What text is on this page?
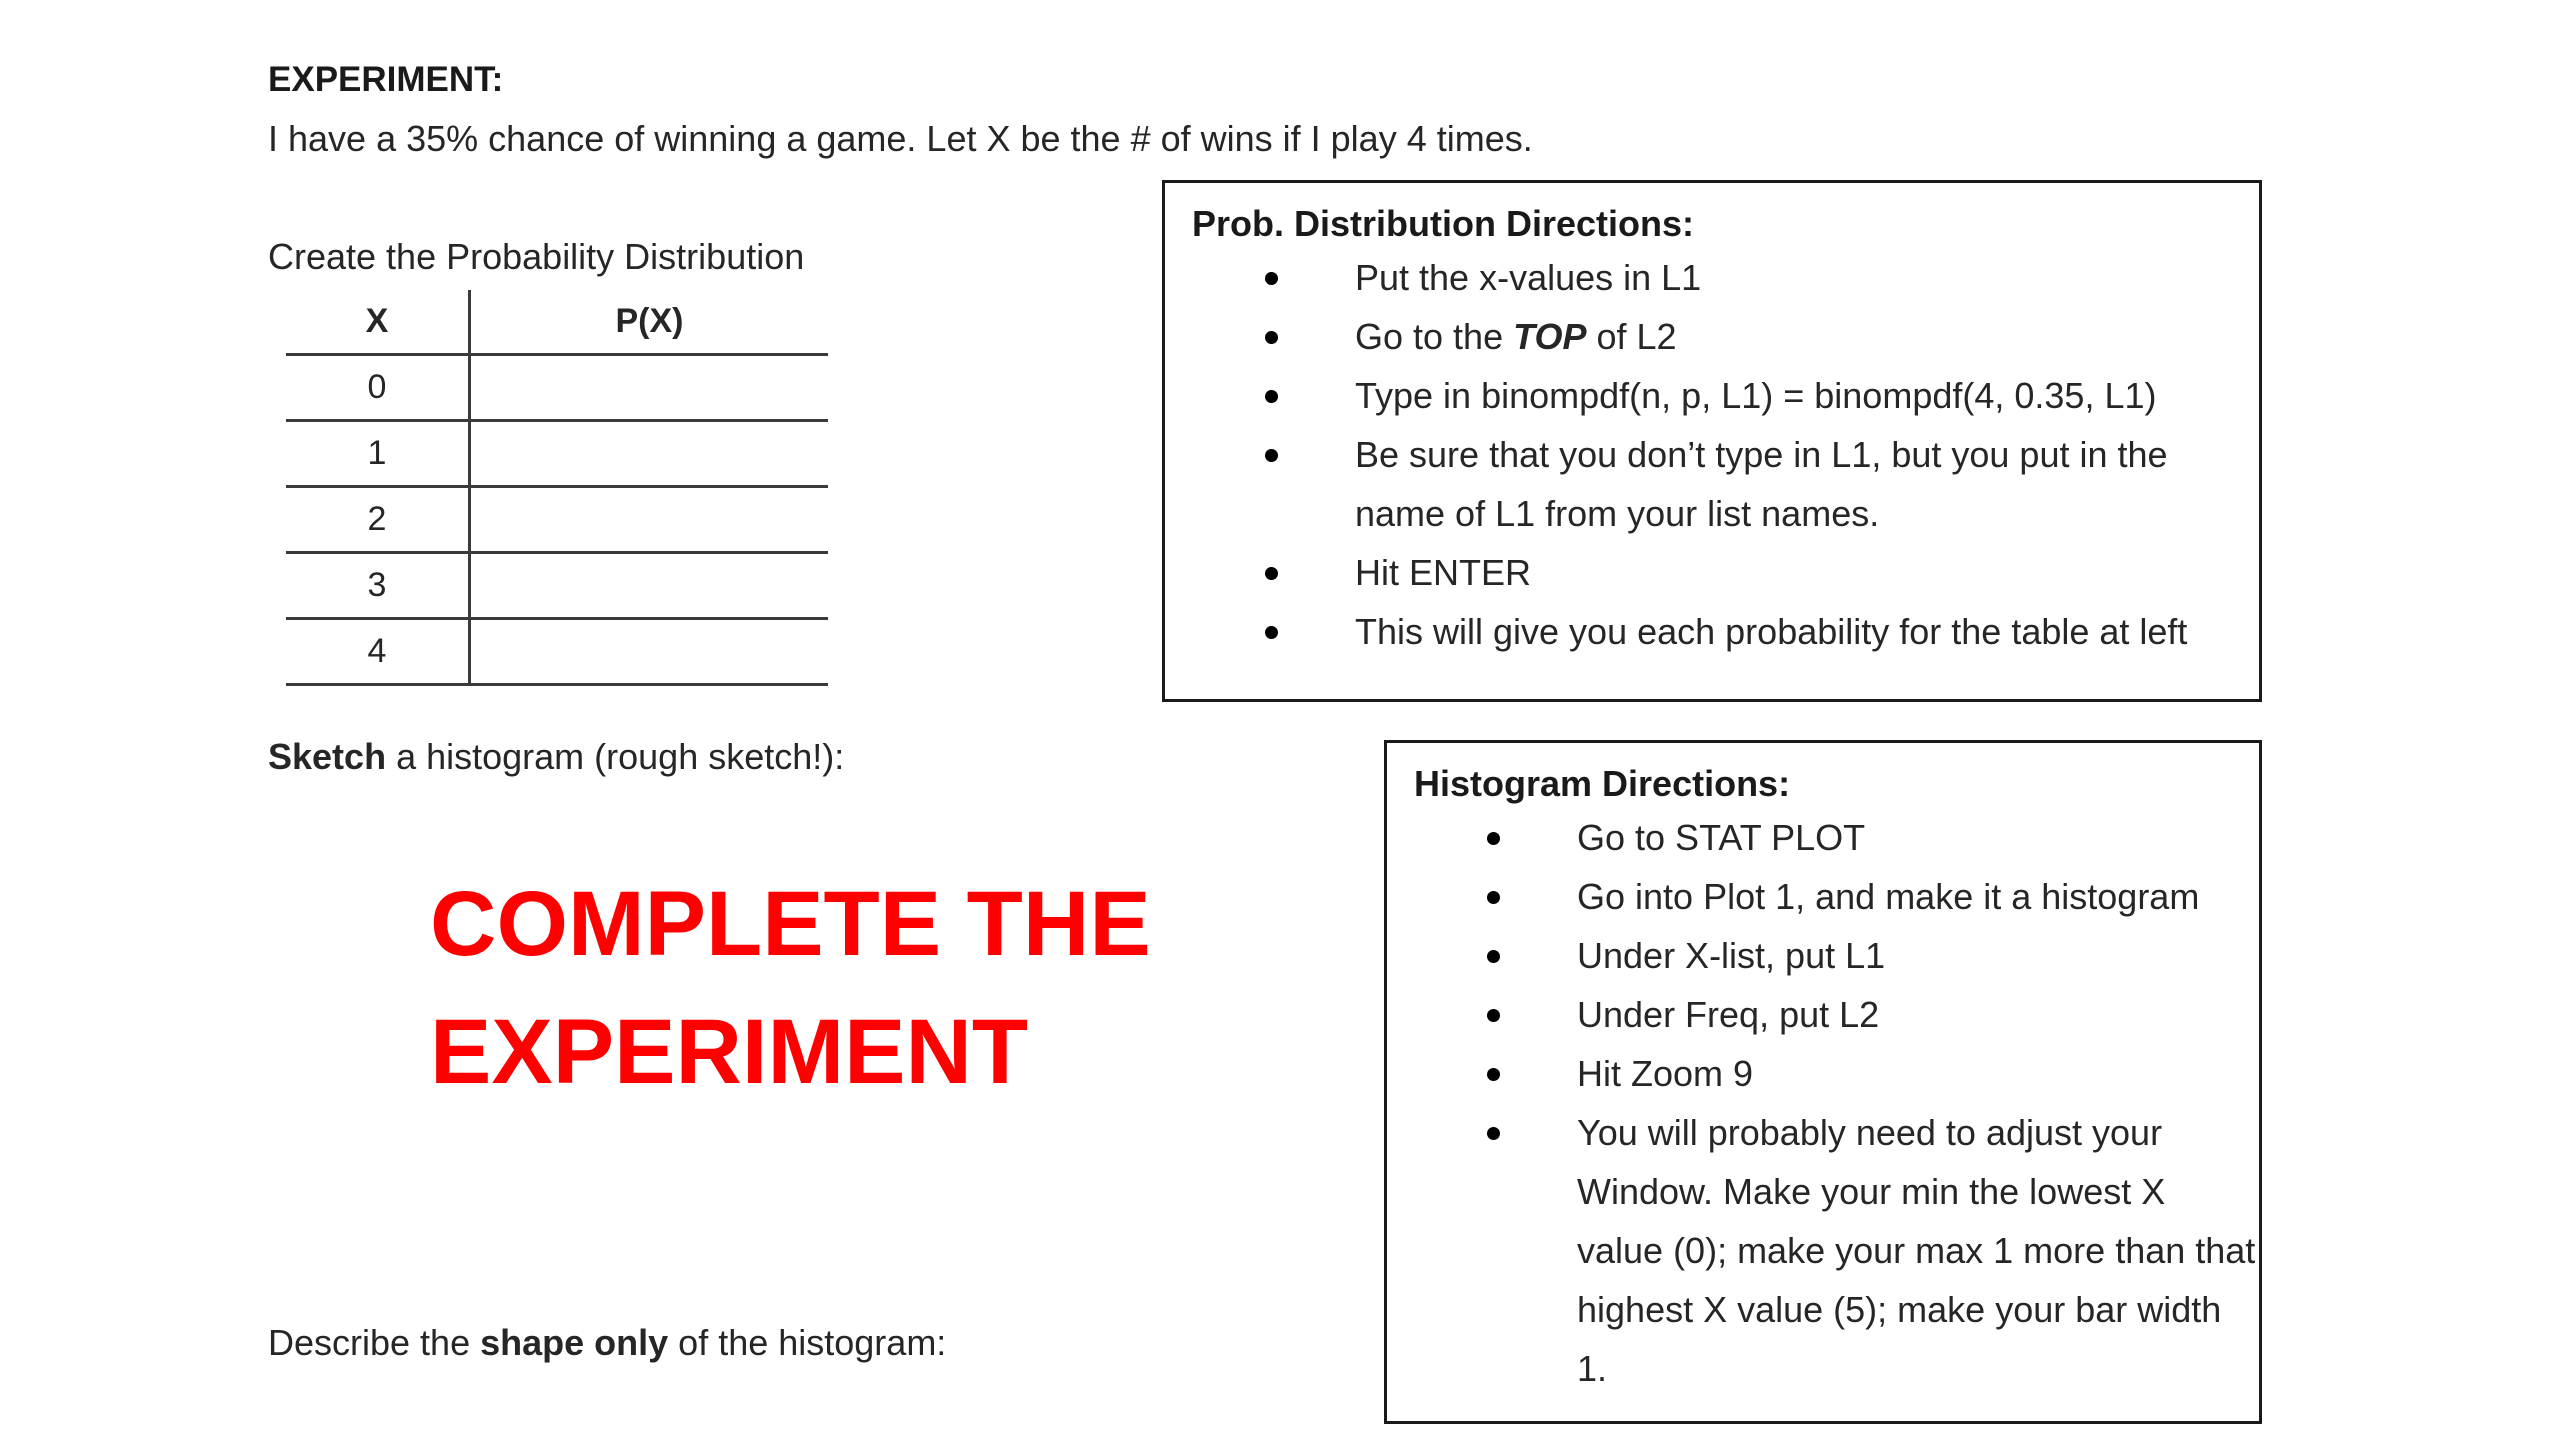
EXPERIMENT:
I have a 35% chance of winning a game. Let X be the # of wins if I play 4 times.
Create the Probability Distribution
X	P(X)
0
1
2
3
4
Sketch a histogram (rough sketch!):
COMPLETE THE
EXPERIMENT
Describe the shape only of the histogram:
Prob. Distribution Directions:
Put the x-values in L1
Go to the TOP of L2
Type in binompdf(n, p, L1) = binompdf(4, 0.35, L1)
Be sure that you don’t type in L1, but you put in the name of L1 from your list names.
Hit ENTER
This will give you each probability for the table at left
Histogram Directions:
Go to STAT PLOT
Go into Plot 1, and make it a histogram
Under X-list, put L1
Under Freq, put L2
Hit Zoom 9
You will probably need to adjust your Window. Make your min the lowest X value (0); make your max 1 more than that highest X value (5); make your bar width 1.
